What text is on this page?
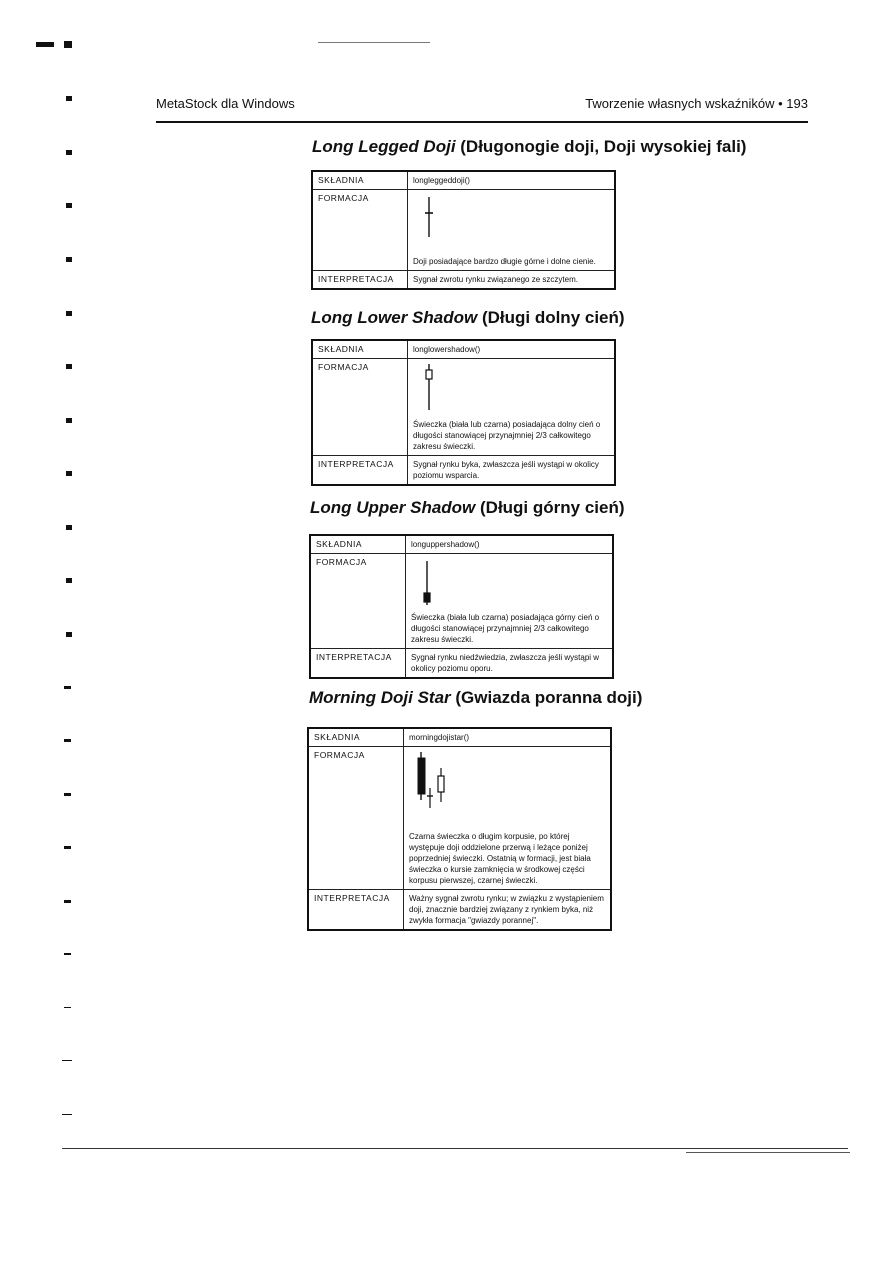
MetaStock dla Windows	Tworzenie własnych wskaźników • 193
Long Legged Doji (Długonogie doji, Doji wysokiej fali)
SKŁADNIA	longleggeddoji()
FORMACJA	Doji posiadające bardzo długie górne i dolne cienie.

INTERPRETACJA	Sygnał zwrotu rynku związanego ze szczytem.
Long Lower Shadow (Długi dolny cień)
SKŁADNIA	longlowershadow()
FORMACJA	Świeczka (biała lub czarna) posiadająca dolny cień o długości stanowiącej przynajmniej 2/3 całkowitego zakresu świeczki.

INTERPRETACJA	Sygnał rynku byka, zwłaszcza jeśli wystąpi w okolicy poziomu wsparcia.
Long Upper Shadow (Długi górny cień)
SKŁADNIA	longuppershadow()
FORMACJA	Świeczka (biała lub czarna) posiadająca górny cień o długości stanowiącej przynajmniej 2/3 całkowitego zakresu świeczki.

INTERPRETACJA	Sygnał rynku niedźwiedzia, zwłaszcza jeśli wystąpi w okolicy poziomu oporu.
Morning Doji Star (Gwiazda poranna doji)
SKŁADNIA	morningdojistar()
FORMACJA	Czarna świeczka o długim korpusie, po której występuje doji oddzielone przerwą i leżące poniżej poprzedniej świeczki. Ostatnią w formacji, jest biała świeczka o kursie zamknięcia w środkowej części korpusu pierwszej, czarnej świeczki.

INTERPRETACJA	Ważny sygnał zwrotu rynku; w związku z wystąpieniem doji, znacznie bardziej związany z rynkiem byka, niż zwykła formacja "gwiazdy porannej".
